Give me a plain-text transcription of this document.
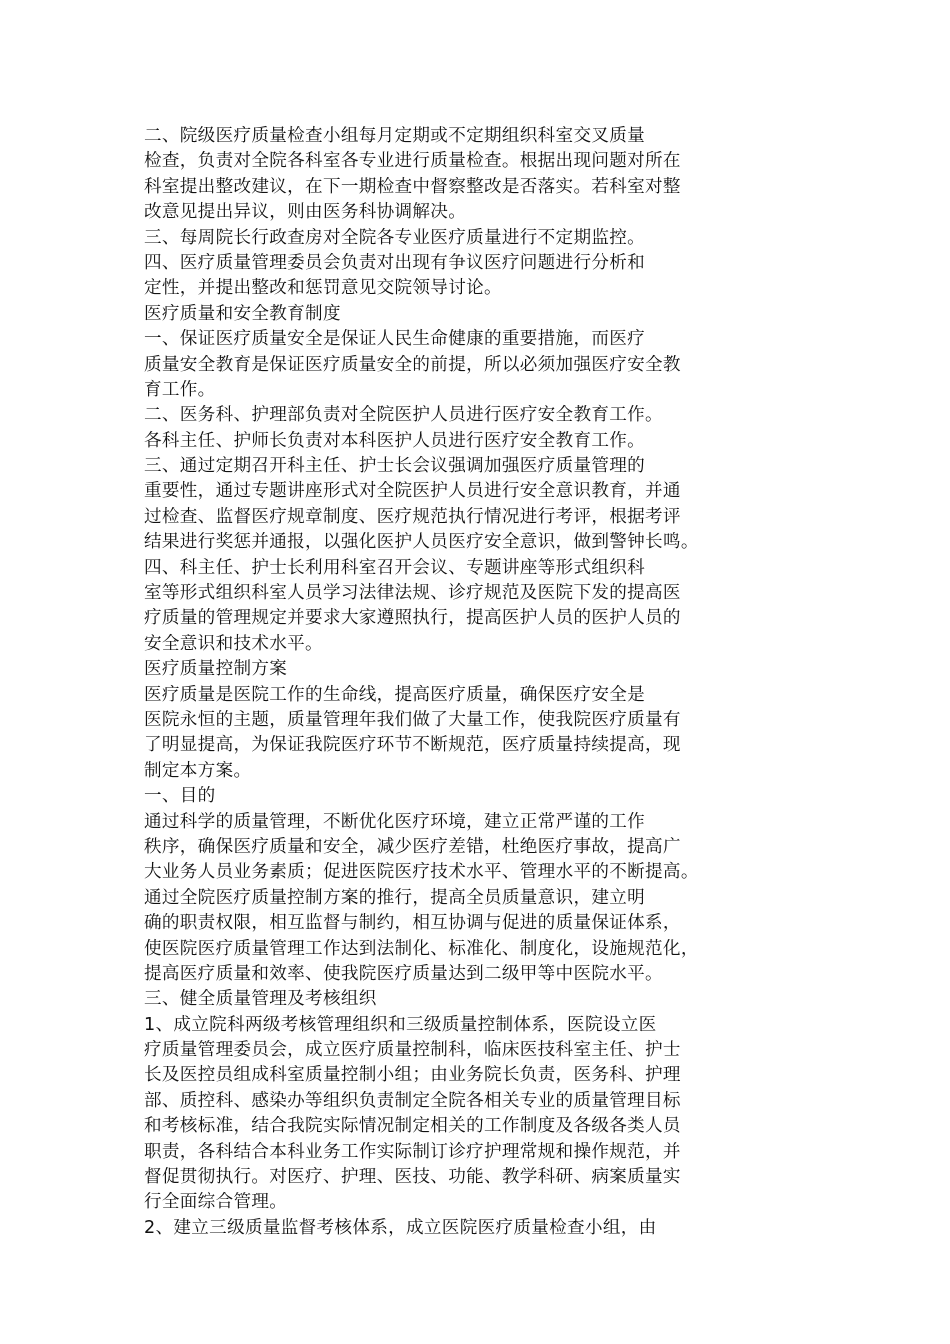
二、院级医疗质量检查小组每月定期或不定期组织科室交叉质量
检查，负责对全院各科室各专业进行质量检查。根据出现问题对所在
科室提出整改建议，在下一期检查中督察整改是否落实。若科室对整
改意见提出异议，则由医务科协调解决。
三、每周院长行政查房对全院各专业医疗质量进行不定期监控。
四、医疗质量管理委员会负责对出现有争议医疗问题进行分析和
定性，并提出整改和惩罚意见交院领导讨论。
医疗质量和安全教育制度
一、保证医疗质量安全是保证人民生命健康的重要措施，而医疗
质量安全教育是保证医疗质量安全的前提，所以必须加强医疗安全教
育工作。
二、医务科、护理部负责对全院医护人员进行医疗安全教育工作。
各科主任、护师长负责对本科医护人员进行医疗安全教育工作。
三、通过定期召开科主任、护士长会议强调加强医疗质量管理的
重要性，通过专题讲座形式对全院医护人员进行安全意识教育，并通
过检查、监督医疗规章制度、医疗规范执行情况进行考评，根据考评
结果进行奖惩并通报，以强化医护人员医疗安全意识，做到警钟长鸣。
四、科主任、护士长利用科室召开会议、专题讲座等形式组织科
室等形式组织科室人员学习法律法规、诊疗规范及医院下发的提高医
疗质量的管理规定并要求大家遵照执行，提高医护人员的医护人员的
安全意识和技术水平。
医疗质量控制方案
医疗质量是医院工作的生命线，提高医疗质量，确保医疗安全是
医院永恒的主题，质量管理年我们做了大量工作，使我院医疗质量有
了明显提高，为保证我院医疗环节不断规范，医疗质量持续提高，现
制定本方案。
一、目的
通过科学的质量管理，不断优化医疗环境，建立正常严谨的工作
秩序，确保医疗质量和安全，减少医疗差错，杜绝医疗事故，提高广
大业务人员业务素质；促进医院医疗技术水平、管理水平的不断提高。
通过全院医疗质量控制方案的推行，提高全员质量意识，建立明
确的职责权限，相互监督与制约，相互协调与促进的质量保证体系，
使医院医疗质量管理工作达到法制化、标准化、制度化，设施规范化，
提高医疗质量和效率、使我院医疗质量达到二级甲等中医院水平。
三、健全质量管理及考核组织
1、成立院科两级考核管理组织和三级质量控制体系，医院设立医
疗质量管理委员会，成立医疗质量控制科，临床医技科室主任、护士
长及医控员组成科室质量控制小组；由业务院长负责，医务科、护理
部、质控科、感染办等组织负责制定全院各相关专业的质量管理目标
和考核标准，结合我院实际情况制定相关的工作制度及各级各类人员
职责，各科结合本科业务工作实际制订诊疗护理常规和操作规范，并
督促贯彻执行。对医疗、护理、医技、功能、教学科研、病案质量实
行全面综合管理。
2、建立三级质量监督考核体系，成立医院医疗质量检查小组，由
